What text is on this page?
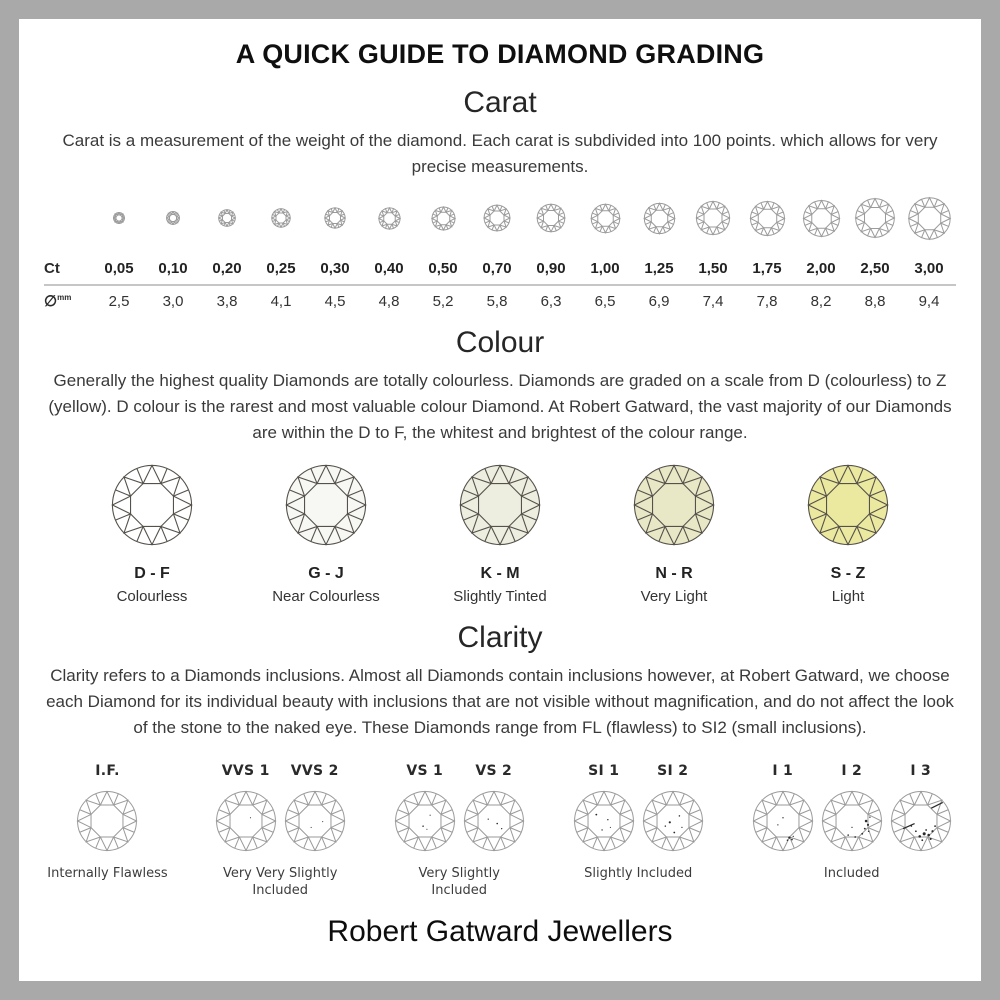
A QUICK GUIDE TO DIAMOND GRADING
Carat
Carat is a measurement of the weight of the diamond. Each carat is subdivided into 100 points. which allows for very precise measurements.
Ct	0,05	0,10	0,20	0,25	0,30	0,40	0,50	0,70	0,90	1,00	1,25	1,50	1,75	2,00	2,50	3,00
∅$^{mm}$	2,5	3,0	3,8	4,1	4,5	4,8	5,2	5,8	6,3	6,5	6,9	7,4	7,8	8,2	8,8	9,4
Colour
Generally the highest quality Diamonds are totally colourless. Diamonds are graded on a scale from D (colourless) to Z (yellow). D colour is the rarest and most valuable colour Diamond. At Robert Gatward, the vast majority of our Diamonds are within the D to F, the whitest and brightest of the colour range.
D - F
Colourless
G - J
Near Colourless
K - M
Slightly Tinted
N - R
Very Light
S - Z
Light
Clarity
Clarity refers to a Diamonds inclusions. Almost all Diamonds contain inclusions however, at Robert Gatward, we choose each Diamond for its individual beauty with inclusions that are not visible without magnification, and do not affect the look of the stone to the naked eye. These Diamonds range from FL (flawless) to SI2 (small inclusions).
I.F.
Internally Flawless
VVS 1	VVS 2
Very Very Slightly Included
VS 1	VS 2
Very Slightly Included
SI 1	SI 2
Slightly Included
I 1	I 2	I 3
Included
Robert Gatward Jewellers
